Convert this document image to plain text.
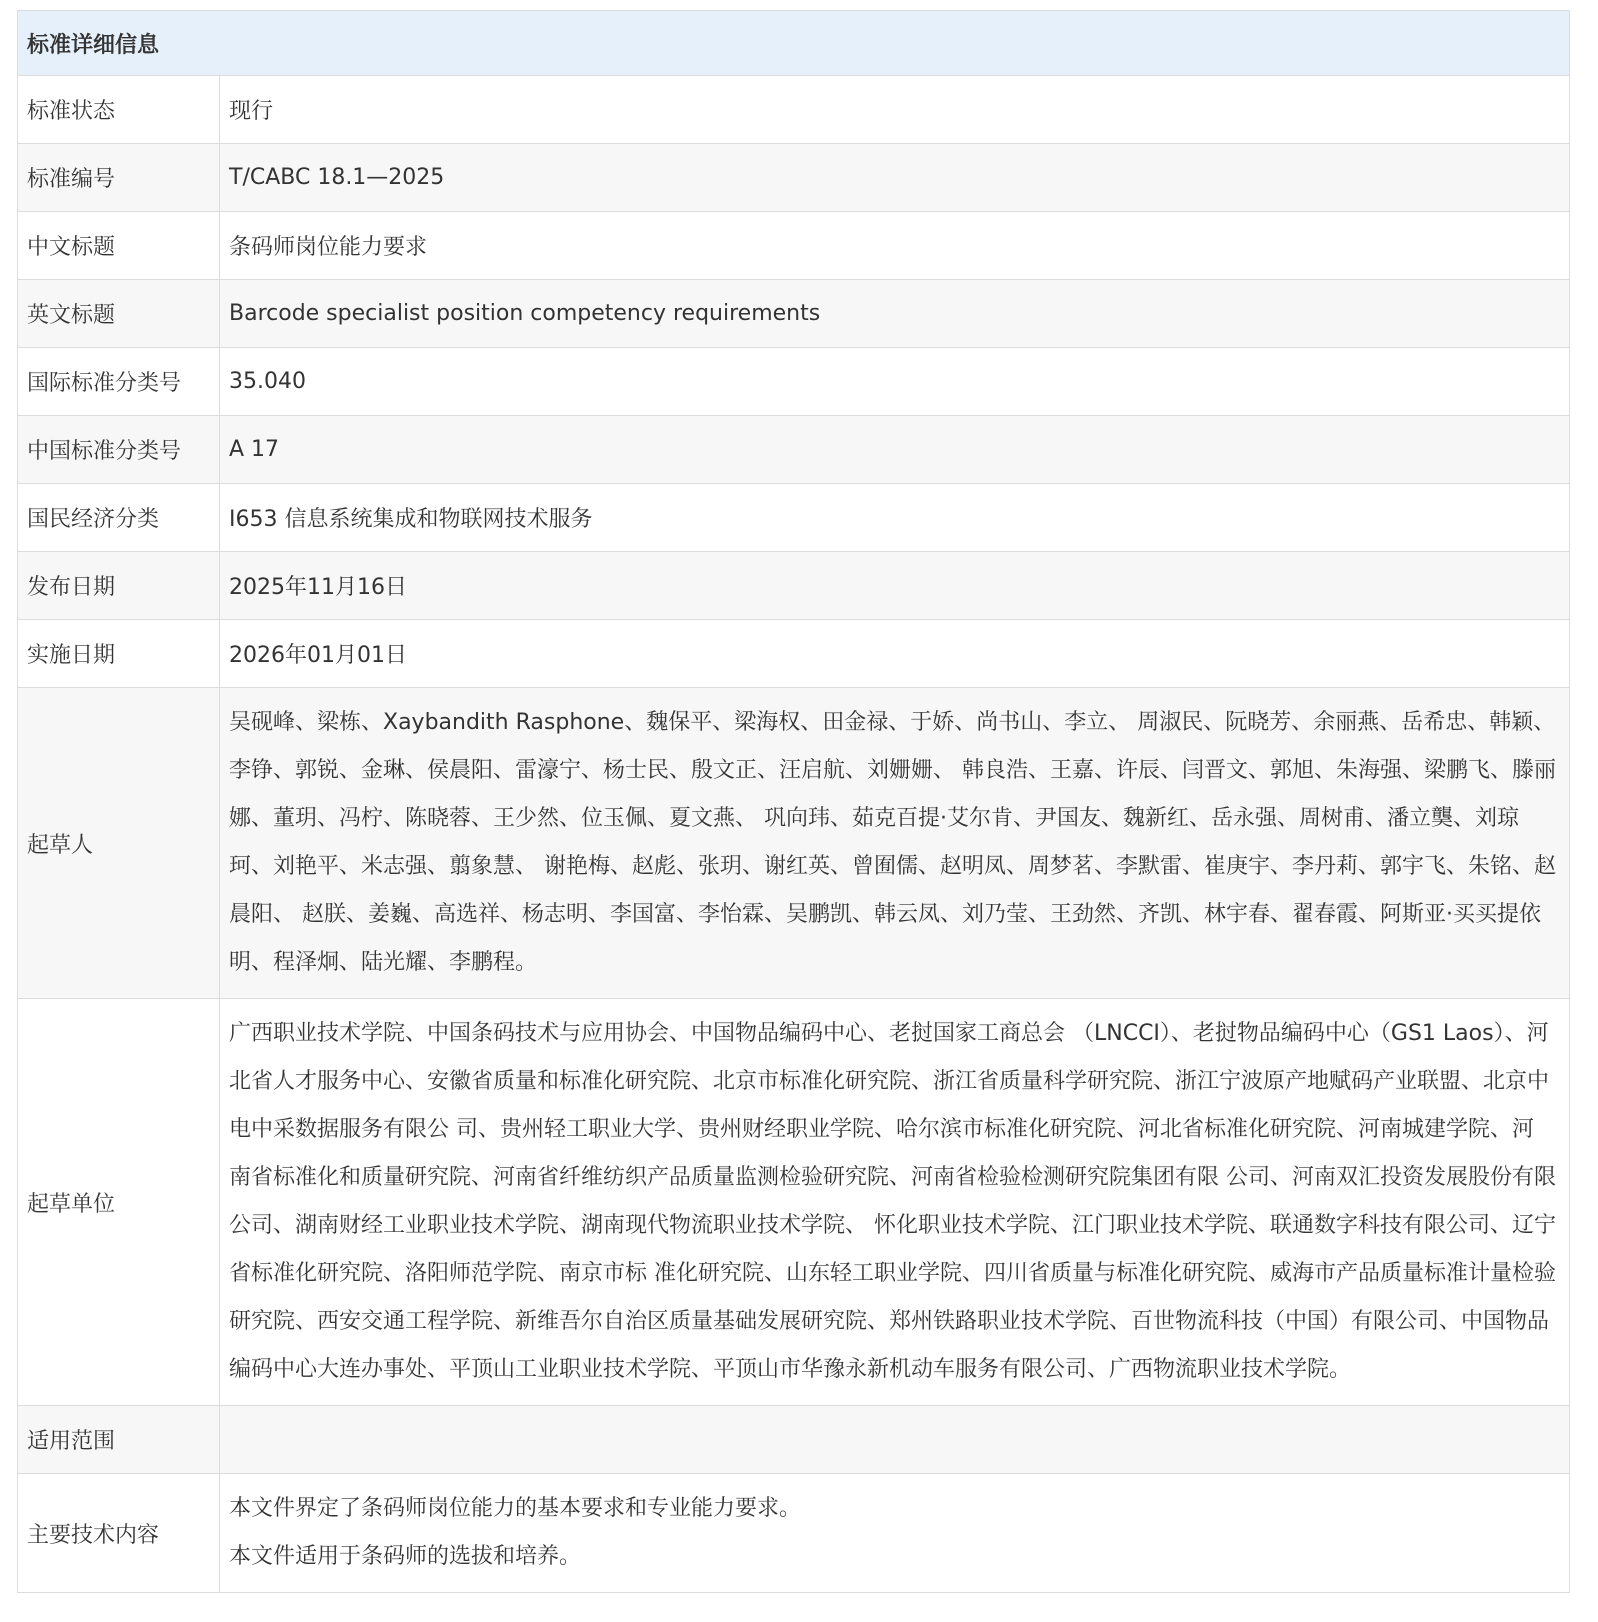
标准详细信息	
标准状态	现行
标准编号	T/CABC 18.1—2025
中文标题	条码师岗位能力要求
英文标题	Barcode specialist position competency requirements
国际标准分类号	35.040
中国标准分类号	A 17
国民经济分类	I653 信息系统集成和物联网技术服务
发布日期	2025年11月16日
实施日期	2026年01月01日
起草人	吴砚峰、梁栋、Xaybandith Rasphone、魏保平、梁海权、田金禄、于娇、尚书山、李立、 周淑民、阮晓芳、余丽燕、岳希忠、韩颖、李铮、郭锐、金琳、侯晨阳、雷濠宁、杨士民、殷文正、汪启航、刘姗姗、 韩良浩、王嘉、许辰、闫晋文、郭旭、朱海强、梁鹏飞、滕丽娜、董玥、冯柠、陈晓蓉、王少然、位玉佩、夏文燕、 巩向玮、茹克百提·艾尔肯、尹国友、魏新红、岳永强、周树甫、潘立龑、刘琼珂、刘艳平、米志强、翦象慧、 谢艳梅、赵彪、张玥、谢红英、曾囿儒、赵明凤、周梦茗、李默雷、崔庚宇、李丹莉、郭宇飞、朱铭、赵晨阳、 赵朕、姜巍、高选祥、杨志明、李国富、李怡霖、吴鹏凯、韩云凤、刘乃莹、王劲然、齐凯、林宇春、翟春霞、阿斯亚·买买提依明、程泽炯、陆光耀、李鹏程。
起草单位	广西职业技术学院、中国条码技术与应用协会、中国物品编码中心、老挝国家工商总会 （LNCCI）、老挝物品编码中心（GS1 Laos）、河北省人才服务中心、安徽省质量和标准化研究院、北京市标准化研究院、浙江省质量科学研究院、浙江宁波原产地赋码产业联盟、北京中电中采数据服务有限公 司、贵州轻工职业大学、贵州财经职业学院、哈尔滨市标准化研究院、河北省标准化研究院、河南城建学院、河 南省标准化和质量研究院、河南省纤维纺织产品质量监测检验研究院、河南省检验检测研究院集团有限 公司、河南双汇投资发展股份有限公司、湖南财经工业职业技术学院、湖南现代物流职业技术学院、 怀化职业技术学院、江门职业技术学院、联通数字科技有限公司、辽宁省标准化研究院、洛阳师范学院、南京市标 准化研究院、山东轻工职业学院、四川省质量与标准化研究院、威海市产品质量标准计量检验研究院、西安交通工程学院、新维吾尔自治区质量基础发展研究院、郑州铁路职业技术学院、百世物流科技（中国）有限公司、中国物品编码中心大连办事处、平顶山工业职业技术学院、平顶山市华豫永新机动车服务有限公司、广西物流职业技术学院。
适用范围	
主要技术内容	本文件界定了条码师岗位能力的基本要求和专业能力要求。
本文件适用于条码师的选拔和培养。
